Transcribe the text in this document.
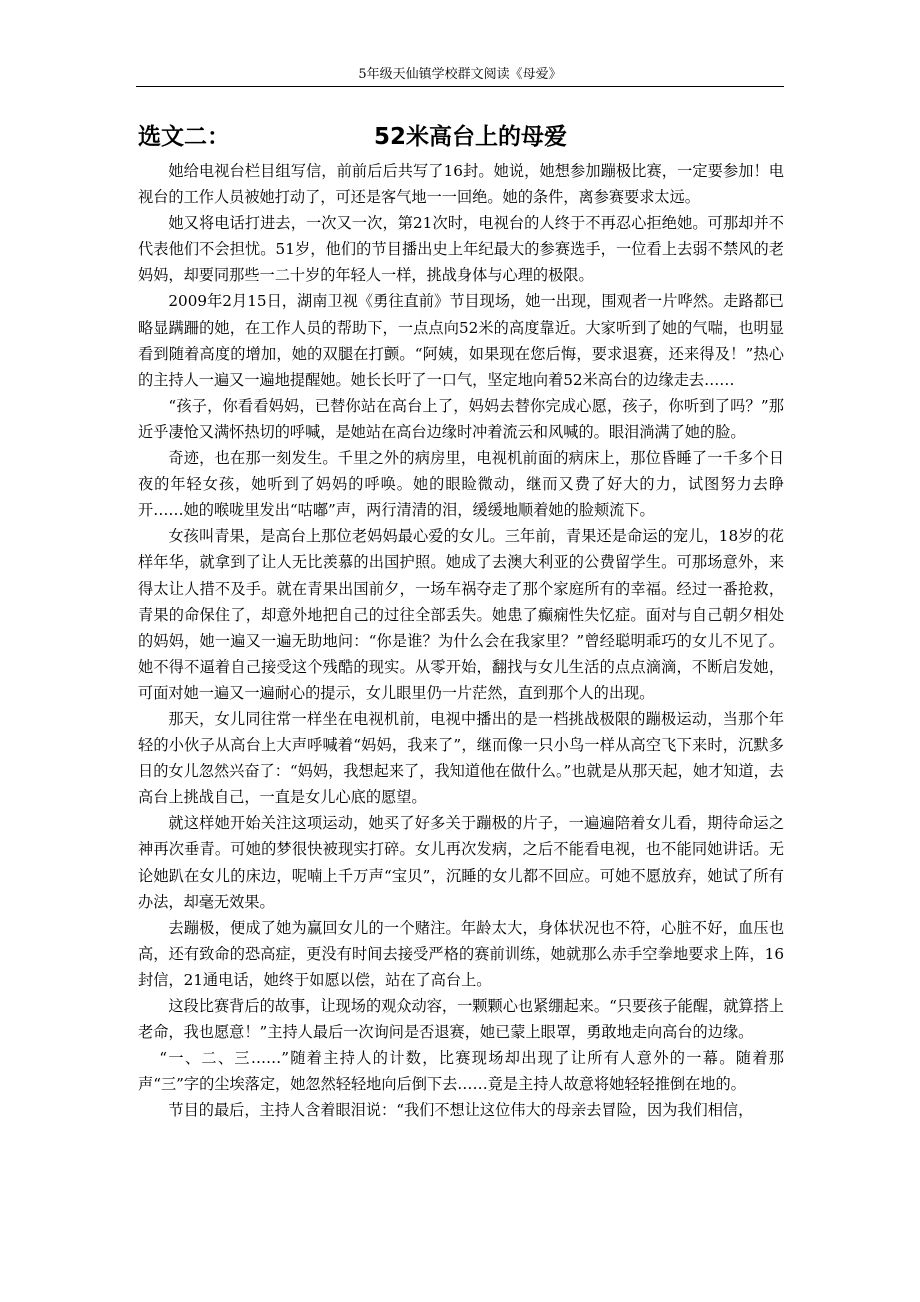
5年级天仙镇学校群文阅读《母爱》
选文二：	52米高台上的母爱

她给电视台栏目组写信，前前后后共写了16封。她说，她想参加蹦极比赛，一定要参加！电视台的工作人员被她打动了，可还是客气地一一回绝。她的条件，离参赛要求太远。

她又将电话打进去，一次又一次，第21次时，电视台的人终于不再忍心拒绝她。可那却并不代表他们不会担忧。51岁，他们的节目播出史上年纪最大的参赛选手，一位看上去弱不禁风的老妈妈，却要同那些一二十岁的年轻人一样，挑战身体与心理的极限。

2009年2月15日，湖南卫视《勇往直前》节目现场，她一出现，围观者一片哗然。走路都已略显蹒跚的她，在工作人员的帮助下，一点点向52米的高度靠近。大家听到了她的气喘，也明显看到随着高度的增加，她的双腿在打颤。“阿姨，如果现在您后悔，要求退赛，还来得及！”热心的主持人一遍又一遍地提醒她。她长长吁了一口气，坚定地向着52米高台的边缘走去……

“孩子，你看看妈妈，已替你站在高台上了，妈妈去替你完成心愿，孩子，你听到了吗？”那近乎凄怆又满怀热切的呼喊，是她站在高台边缘时冲着流云和风喊的。眼泪淌满了她的脸。

奇迹，也在那一刻发生。千里之外的病房里，电视机前面的病床上，那位昏睡了一千多个日夜的年轻女孩，她听到了妈妈的呼唤。她的眼睑微动，继而又费了好大的力，试图努力去睁开……她的喉咙里发出“咕嘟”声，两行清清的泪，缓缓地顺着她的脸颊流下。

女孩叫青果，是高台上那位老妈妈最心爱的女儿。三年前，青果还是命运的宠儿，18岁的花样年华，就拿到了让人无比羡慕的出国护照。她成了去澳大利亚的公费留学生。可那场意外，来得太让人措不及手。就在青果出国前夕，一场车祸夺走了那个家庭所有的幸福。经过一番抢救，青果的命保住了，却意外地把自己的过往全部丢失。她患了癫痫性失忆症。面对与自己朝夕相处的妈妈，她一遍又一遍无助地问：“你是谁？为什么会在我家里？”曾经聪明乖巧的女儿不见了。她不得不逼着自己接受这个残酷的现实。从零开始，翻找与女儿生活的点点滴滴，不断启发她，可面对她一遍又一遍耐心的提示，女儿眼里仍一片茫然，直到那个人的出现。

那天，女儿同往常一样坐在电视机前，电视中播出的是一档挑战极限的蹦极运动，当那个年轻的小伙子从高台上大声呼喊着“妈妈，我来了”，继而像一只小鸟一样从高空飞下来时，沉默多日的女儿忽然兴奋了：“妈妈，我想起来了，我知道他在做什么。”也就是从那天起，她才知道，去高台上挑战自己，一直是女儿心底的愿望。

就这样她开始关注这项运动，她买了好多关于蹦极的片子，一遍遍陪着女儿看，期待命运之神再次垂青。可她的梦很快被现实打碎。女儿再次发病，之后不能看电视，也不能同她讲话。无论她趴在女儿的床边，呢喃上千万声“宝贝”，沉睡的女儿都不回应。可她不愿放弃，她试了所有办法，却毫无效果。

去蹦极，便成了她为赢回女儿的一个赌注。年龄太大，身体状况也不符，心脏不好，血压也高，还有致命的恐高症，更没有时间去接受严格的赛前训练，她就那么赤手空拳地要求上阵，16封信，21通电话，她终于如愿以偿，站在了高台上。

这段比赛背后的故事，让现场的观众动容，一颗颗心也紧绷起来。“只要孩子能醒，就算搭上老命，我也愿意！”主持人最后一次询问是否退赛，她已蒙上眼罩，勇敢地走向高台的边缘。

“一、二、三……”随着主持人的计数，比赛现场却出现了让所有人意外的一幕。随着那声“三”字的尘埃落定，她忽然轻轻地向后倒下去……竟是主持人故意将她轻轻推倒在地的。

节目的最后，主持人含着眼泪说：“我们不想让这位伟大的母亲去冒险，因为我们相信，
